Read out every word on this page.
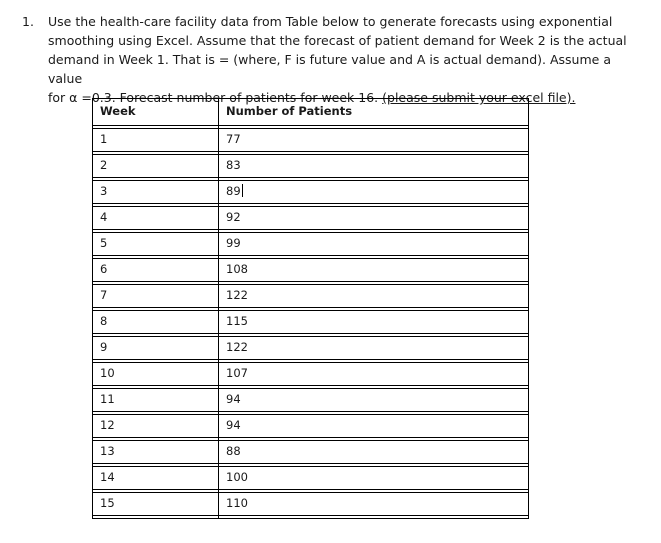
1. Use the health-care facility data from Table below to generate forecasts using exponential
smoothing using Excel. Assume that the forecast of patient demand for Week 2 is the actual
demand in Week 1. That is = (where, F is future value and A is actual demand). Assume a value
for α =0.3. Forecast number of patients for week 16. (please submit your excel file).
Week	Number of Patients
1	77
2	83
3	89
4	92
5	99
6	108
7	122
8	115
9	122
10	107
11	94
12	94
13	88
14	100
15	110
